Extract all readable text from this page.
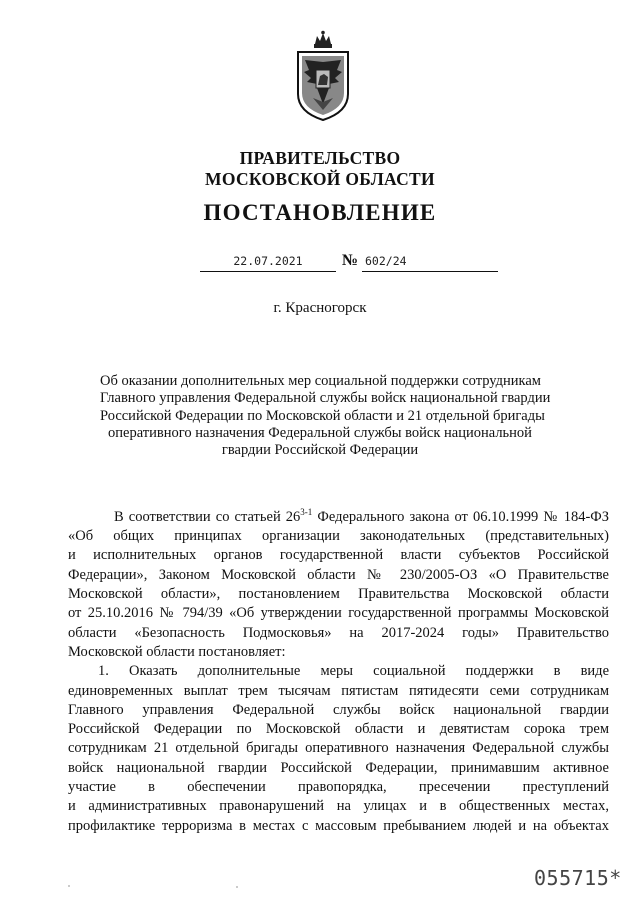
ПРАВИТЕЛЬСТВО
МОСКОВСКОЙ ОБЛАСТИ
ПОСТАНОВЛЕНИЕ
22.07.2021	№ 602/24
г. Красногорск
Об оказании дополнительных мер социальной поддержки сотрудникам
Главного управления Федеральной службы войск национальной гвардии
Российской Федерации по Московской области и 21 отдельной бригады
оперативного назначения Федеральной службы войск национальной
гвардии Российской Федерации
В соответствии со статьей 26$^{3-1}$ Федерального закона от 06.10.1999 № 184-ФЗ
«Об общих принципах организации законодательных (представительных)
и исполнительных органов государственной власти субъектов Российской
Федерации», Законом Московской области № 230/2005-ОЗ «О Правительстве
Московской области», постановлением Правительства Московской области
от 25.10.2016 № 794/39 «Об утверждении государственной программы Московской
области «Безопасность Подмосковья» на 2017-2024 годы» Правительство
Московской области постановляет:
1. Оказать дополнительные меры социальной поддержки в виде
единовременных выплат трем тысячам пятистам пятидесяти семи сотрудникам
Главного управления Федеральной службы войск национальной гвардии
Российской Федерации по Московской области и девятистам сорока трем
сотрудникам 21 отдельной бригады оперативного назначения Федеральной службы
войск национальной гвардии Российской Федерации, принимавшим активное
участие в обеспечении правопорядка, пресечении преступлений
и административных правонарушений на улицах и в общественных местах,
профилактике терроризма в местах с массовым пребыванием людей и на объектах
055715*
